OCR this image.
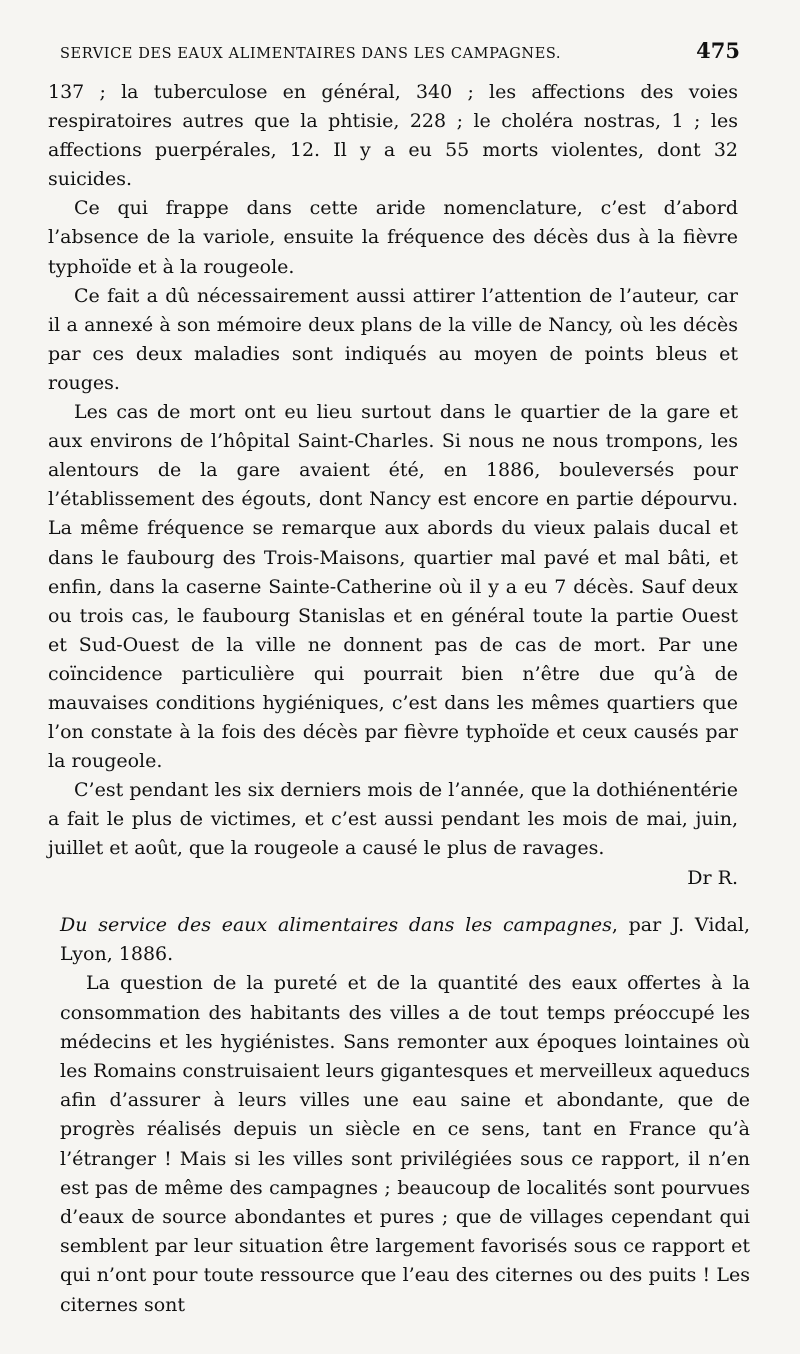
SERVICE DES EAUX ALIMENTAIRES DANS LES CAMPAGNES.	475

137 ; la tuberculose en général, 340 ; les affections des voies respiratoires autres que la phtisie, 228 ; le choléra nostras, 1 ; les affections puerpérales, 12. Il y a eu 55 morts violentes, dont 32 suicides.

Ce qui frappe dans cette aride nomenclature, c’est d’abord l’absence de la variole, ensuite la fréquence des décès dus à la fièvre typhoïde et à la rougeole.

Ce fait a dû nécessairement aussi attirer l’attention de l’auteur, car il a annexé à son mémoire deux plans de la ville de Nancy, où les décès par ces deux maladies sont indiqués au moyen de points bleus et rouges.

Les cas de mort ont eu lieu surtout dans le quartier de la gare et aux environs de l’hôpital Saint-Charles. Si nous ne nous trompons, les alentours de la gare avaient été, en 1886, bouleversés pour l’établissement des égouts, dont Nancy est encore en partie dépourvu. La même fréquence se remarque aux abords du vieux palais ducal et dans le faubourg des Trois-Maisons, quartier mal pavé et mal bâti, et enfin, dans la caserne Sainte-Catherine où il y a eu 7 décès. Sauf deux ou trois cas, le faubourg Stanislas et en général toute la partie Ouest et Sud-Ouest de la ville ne donnent pas de cas de mort. Par une coïncidence particulière qui pourrait bien n’être due qu’à de mauvaises conditions hygiéniques, c’est dans les mêmes quartiers que l’on constate à la fois des décès par fièvre typhoïde et ceux causés par la rougeole.

C’est pendant les six derniers mois de l’année, que la dothiénentérie a fait le plus de victimes, et c’est aussi pendant les mois de mai, juin, juillet et août, que la rougeole a causé le plus de ravages.

Dr R.

Du service des eaux alimentaires dans les campagnes, par J. Vidal, Lyon, 1886.

La question de la pureté et de la quantité des eaux offertes à la consommation des habitants des villes a de tout temps préoccupé les médecins et les hygiénistes. Sans remonter aux époques lointaines où les Romains construisaient leurs gigantesques et merveilleux aqueducs afin d’assurer à leurs villes une eau saine et abondante, que de progrès réalisés depuis un siècle en ce sens, tant en France qu’à l’étranger ! Mais si les villes sont privilégiées sous ce rapport, il n’en est pas de même des campagnes ; beaucoup de localités sont pourvues d’eaux de source abondantes et pures ; que de villages cependant qui semblent par leur situation être largement favorisés sous ce rapport et qui n’ont pour toute ressource que l’eau des citernes ou des puits ! Les citernes sont
